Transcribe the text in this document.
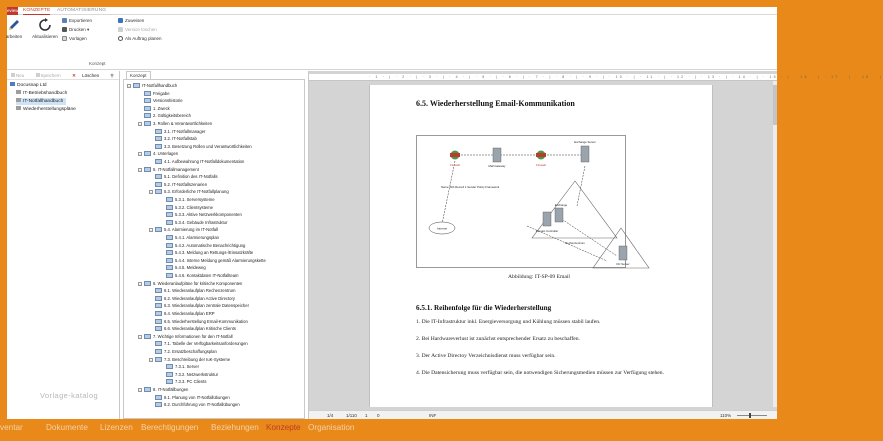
eview KONZEPTE AUTOMATISIERUNG
arbeiten	Aktualisieren
Exportieren
Drucken ▾
Vorlagen
Zuweisen
Version löschen
Als Auftrag planen
Konzept
Neu	Speichern	✕ Löschen	⚲
Docusnap Ltd
IT-Betriebshandbuch
IT-Notfallhandbuch
Wiederherstellungspläne
Vorlage-katalog
Konzept
-	IT-Notfallhandbuch
Freigabe
Versionshistorie
1. Zweck
2. Gültigkeitsbereich
-	3. Rollen & Verantwortlichkeiten
3.1. IT-Notfallmanager
3.2. IT-Notfallstab
3.3. Besetzung Rollen und Verantwortlichkeiten
-	4. Unterlagen
4.1. Aufbewahrung IT-Notfalldokumentation
-	5. IT-Notfallmanagement
5.1. Definition des IT-Notfalls
5.2. IT-Notfallszenarien
-	5.3. Erforderliche IT-Notfallplanung
5.3.1. Serversysteme
5.3.2. Clientsysteme
5.3.3. Aktive Netzwerkkomponenten
5.3.4. Gebäude Infrastruktur
-	5.4. Alarmierung im IT-Notfall
5.4.1. Alarmierungsplan
5.4.2. Automatische Benachrichtigung
5.4.3. Meldung an Rettungs-/Einsatzkräfte
5.4.4. Interne Meldung gemäß Alarmierungskette
5.4.5. Meldeweg
5.4.6. Kontaktdaten IT-Notfallteam
-	6. Wiederanlaufpläne für kritische Komponenten
6.1. Wiederanlaufplan Rechenzentrum
6.2. Wiederanlaufplan Active Directory
6.3. Wiederanlaufplan zentrale Datenspeicher
6.4. Wiederanlaufplan ERP
6.5. Wiederherstellung Email-Kommunikation
6.6. Wiederanlaufplan Kritische Clients
-	7. Wichtige Informationen für den IT-Notfall
7.1. Tabelle der Verfügbarkeitsanforderungen
7.2. Ersatzbeschaffungsplan
-	7.3. Beschreibung der IuK-Systeme
7.3.1. Server
7.3.2. Netzwerkstruktur
7.3.3. PC Clients
-	8. IT-Notfällbungen
8.1. Planung von IT-Notfallübungen
8.2. Durchführung von IT-Notfallübungen
· 1 · | · 2 · | · 3 · | · 4 · | · 5 · | · 6 · | · 7 · | · 8 · | · 9 · | · 10 · | · 11 · | · 12 · | · 13 · | · 14 · | · 15 · | · 16 · | · 17 · | · 18 · |
6.5. Wiederherstellung Email-Kommunikation
Internet
Mail Gateway
Firewall	Firewall
Exchange Server
Exchange
Domain Controller
DC Server
Name: MX-Record 1 Sender Policy Framework
Rechenzentrum
Abbildung: IT-SP-09 Email
6.5.1. Reihenfolge für die Wiederherstellung
1. Die IT-Infrastruktur inkl. Energieversorgung und Kühlung müssen stabil laufen.
2. Bei Hardwareverlust ist zunächst entsprechender Ersatz zu beschaffen.
3. Der Active Directoy Verzeichnisdienst muss verfügbar sein.
4. Die Datensicherung muss verfügbar sein, die notwendigen Sicherungsmedien müssen zur Verfügung stehen.
1/4	1/110 1 0	INF	110%
ventar	Dokumente Lizenzen Berechtigungen Beziehungen Konzepte Organisation
